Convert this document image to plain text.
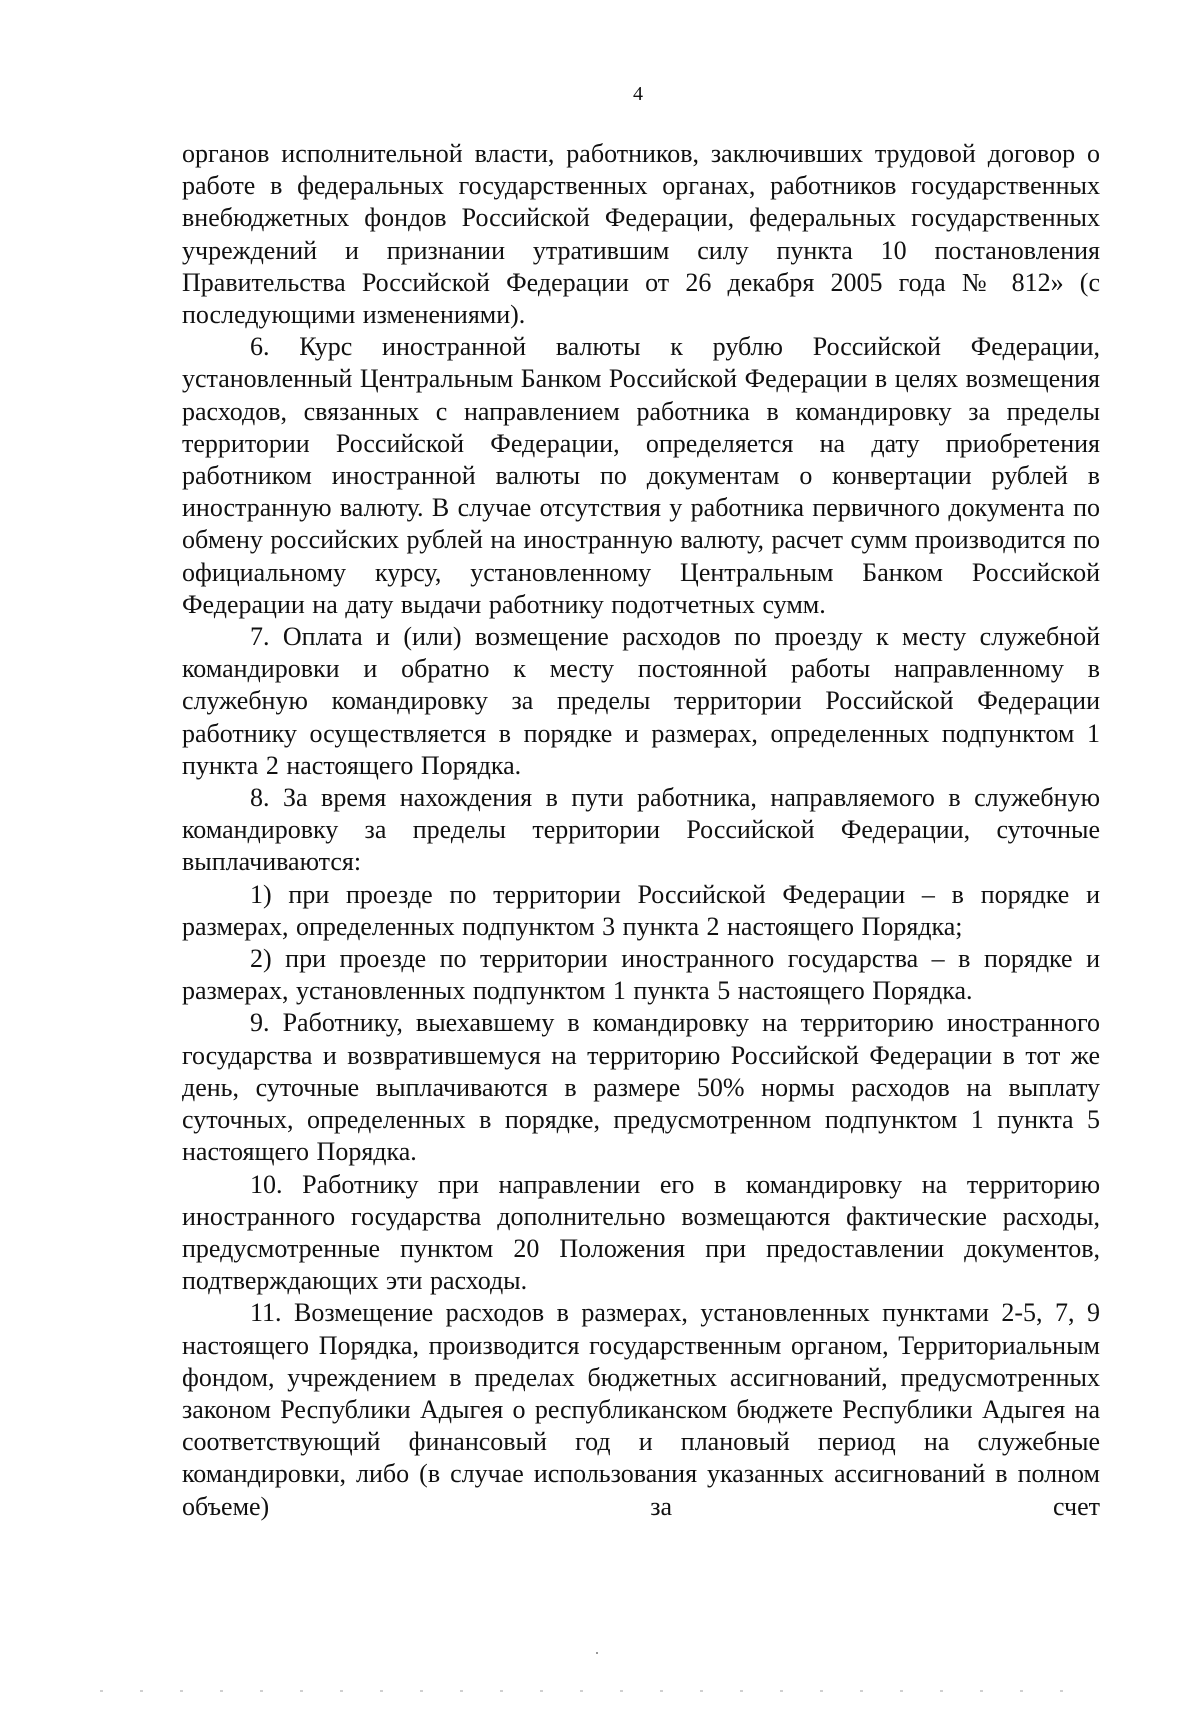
4

органов исполнительной власти, работников, заключивших трудовой договор о работе в федеральных государственных органах, работников государственных внебюджетных фондов Российской Федерации, федеральных государственных учреждений и признании утратившим силу пункта 10 постановления Правительства Российской Федерации от 26 декабря 2005 года № 812» (с последующими изменениями).

6. Курс иностранной валюты к рублю Российской Федерации, установленный Центральным Банком Российской Федерации в целях возмещения расходов, связанных с направлением работника в командировку за пределы территории Российской Федерации, определяется на дату приобретения работником иностранной валюты по документам о конвертации рублей в иностранную валюту. В случае отсутствия у работника первичного документа по обмену российских рублей на иностранную валюту, расчет сумм производится по официальному курсу, установленному Центральным Банком Российской Федерации на дату выдачи работнику подотчетных сумм.

7. Оплата и (или) возмещение расходов по проезду к месту служебной командировки и обратно к месту постоянной работы направленному в служебную командировку за пределы территории Российской Федерации работнику осуществляется в порядке и размерах, определенных подпунктом 1 пункта 2 настоящего Порядка.

8. За время нахождения в пути работника, направляемого в служебную командировку за пределы территории Российской Федерации, суточные выплачиваются:

1) при проезде по территории Российской Федерации – в порядке и размерах, определенных подпунктом 3 пункта 2 настоящего Порядка;

2) при проезде по территории иностранного государства – в порядке и размерах, установленных подпунктом 1 пункта 5 настоящего Порядка.

9. Работнику, выехавшему в командировку на территорию иностранного государства и возвратившемуся на территорию Российской Федерации в тот же день, суточные выплачиваются в размере 50% нормы расходов на выплату суточных, определенных в порядке, предусмотренном подпунктом 1 пункта 5 настоящего Порядка.

10. Работнику при направлении его в командировку на территорию иностранного государства дополнительно возмещаются фактические расходы, предусмотренные пунктом 20 Положения при предоставлении документов, подтверждающих эти расходы.

11. Возмещение расходов в размерах, установленных пунктами 2-5, 7, 9 настоящего Порядка, производится государственным органом, Территориальным фондом, учреждением в пределах бюджетных ассигнований, предусмотренных законом Республики Адыгея о республиканском бюджете Республики Адыгея на соответствующий финансовый год и плановый период на служебные командировки, либо (в случае использования указанных ассигнований в полном объеме) за счет
